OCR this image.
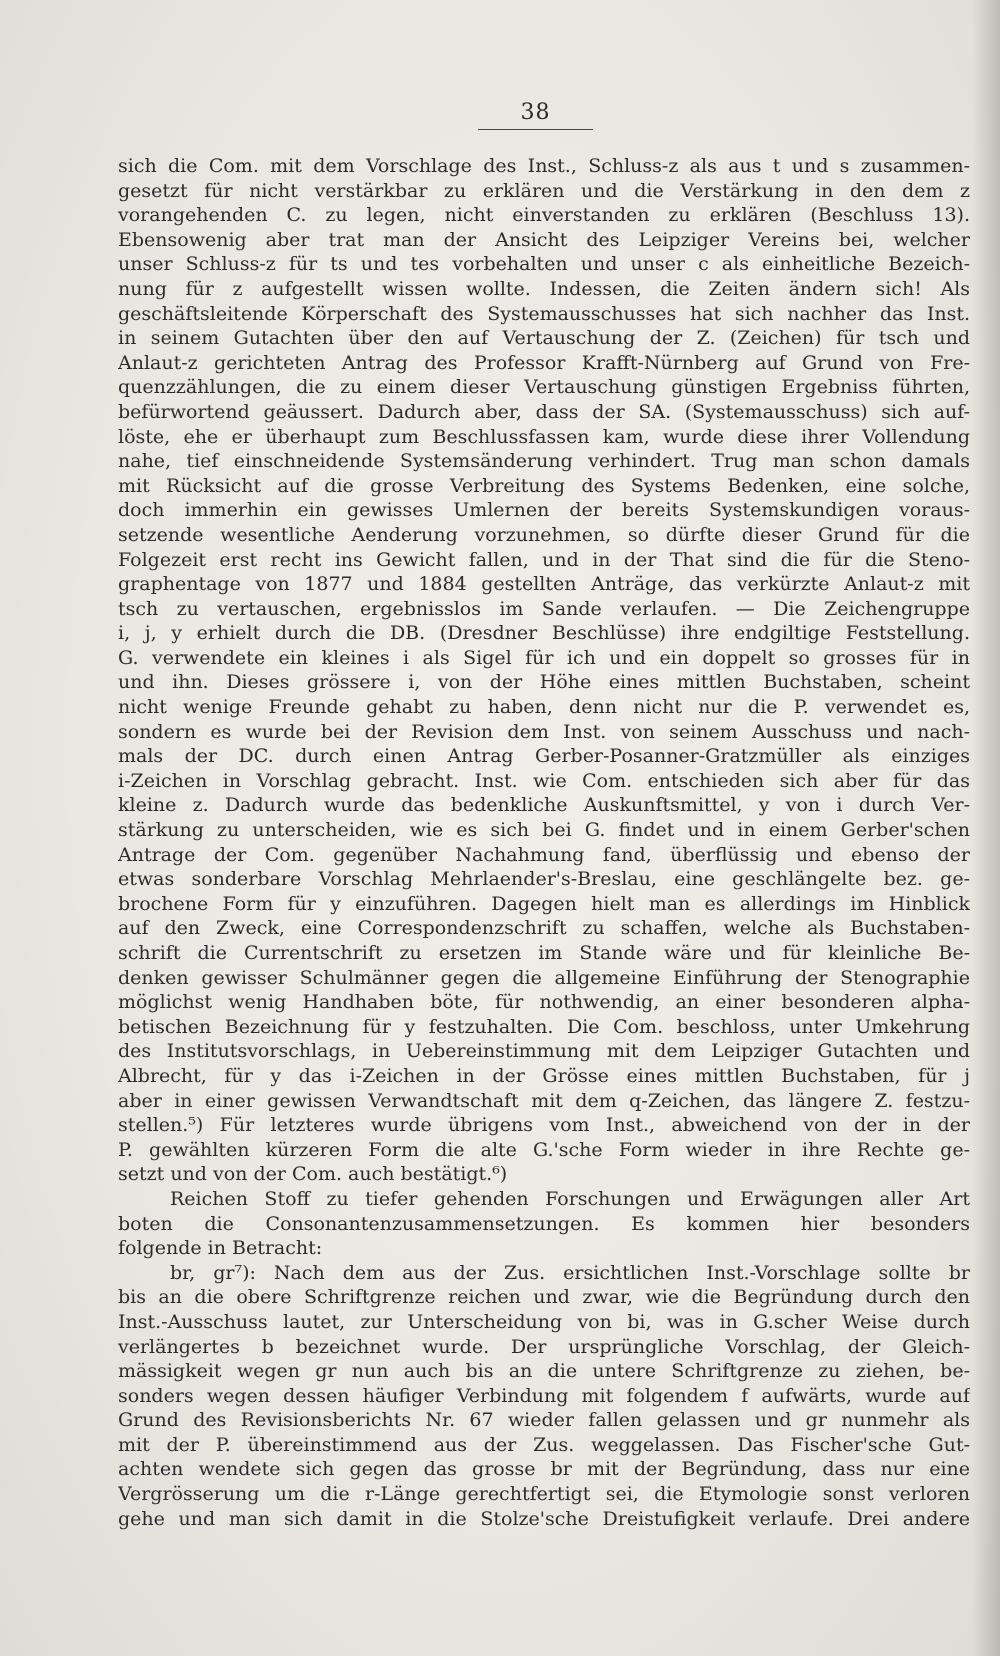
38
sich die Com. mit dem Vorschlage des Inst., Schluss-z als aus t und s zusammen-
gesetzt für nicht verstärkbar zu erklären und die Verstärkung in den dem z
vorangehenden C. zu legen, nicht einverstanden zu erklären (Beschluss 13).
Ebensowenig aber trat man der Ansicht des Leipziger Vereins bei, welcher
unser Schluss-z für ts und tes vorbehalten und unser c als einheitliche Bezeich-
nung für z aufgestellt wissen wollte. Indessen, die Zeiten ändern sich! Als
geschäftsleitende Körperschaft des Systemausschusses hat sich nachher das Inst.
in seinem Gutachten über den auf Vertauschung der Z. (Zeichen) für tsch und
Anlaut-z gerichteten Antrag des Professor Krafft-Nürnberg auf Grund von Fre-
quenzzählungen, die zu einem dieser Vertauschung günstigen Ergebniss führten,
befürwortend geäussert. Dadurch aber, dass der SA. (Systemausschuss) sich auf-
löste, ehe er überhaupt zum Beschlussfassen kam, wurde diese ihrer Vollendung
nahe, tief einschneidende Systemsänderung verhindert. Trug man schon damals
mit Rücksicht auf die grosse Verbreitung des Systems Bedenken, eine solche,
doch immerhin ein gewisses Umlernen der bereits Systemskundigen voraus-
setzende wesentliche Aenderung vorzunehmen, so dürfte dieser Grund für die
Folgezeit erst recht ins Gewicht fallen, und in der That sind die für die Steno-
graphentage von 1877 und 1884 gestellten Anträge, das verkürzte Anlaut-z mit
tsch zu vertauschen, ergebnisslos im Sande verlaufen. — Die Zeichengruppe
i, j, y erhielt durch die DB. (Dresdner Beschlüsse) ihre endgiltige Feststellung.
G. verwendete ein kleines i als Sigel für ich und ein doppelt so grosses für in
und ihn. Dieses grössere i, von der Höhe eines mittlen Buchstaben, scheint
nicht wenige Freunde gehabt zu haben, denn nicht nur die P. verwendet es,
sondern es wurde bei der Revision dem Inst. von seinem Ausschuss und nach-
mals der DC. durch einen Antrag Gerber-Posanner-Gratzmüller als einziges
i-Zeichen in Vorschlag gebracht. Inst. wie Com. entschieden sich aber für das
kleine z. Dadurch wurde das bedenkliche Auskunftsmittel, y von i durch Ver-
stärkung zu unterscheiden, wie es sich bei G. findet und in einem Gerber'schen
Antrage der Com. gegenüber Nachahmung fand, überflüssig und ebenso der
etwas sonderbare Vorschlag Mehrlaender's-Breslau, eine geschlängelte bez. ge-
brochene Form für y einzuführen. Dagegen hielt man es allerdings im Hinblick
auf den Zweck, eine Correspondenzschrift zu schaffen, welche als Buchstaben-
schrift die Currentschrift zu ersetzen im Stande wäre und für kleinliche Be-
denken gewisser Schulmänner gegen die allgemeine Einführung der Stenographie
möglichst wenig Handhaben böte, für nothwendig, an einer besonderen alpha-
betischen Bezeichnung für y festzuhalten. Die Com. beschloss, unter Umkehrung
des Institutsvorschlags, in Uebereinstimmung mit dem Leipziger Gutachten und
Albrecht, für y das i-Zeichen in der Grösse eines mittlen Buchstaben, für j
aber in einer gewissen Verwandtschaft mit dem q-Zeichen, das längere Z. festzu-
stellen.⁵) Für letzteres wurde übrigens vom Inst., abweichend von der in der
P. gewählten kürzeren Form die alte G.'sche Form wieder in ihre Rechte ge-
setzt und von der Com. auch bestätigt.⁶)
Reichen Stoff zu tiefer gehenden Forschungen und Erwägungen aller Art
boten die Consonantenzusammensetzungen. Es kommen hier besonders
folgende in Betracht:
br, gr⁷): Nach dem aus der Zus. ersichtlichen Inst.-Vorschlage sollte br
bis an die obere Schriftgrenze reichen und zwar, wie die Begründung durch den
Inst.-Ausschuss lautet, zur Unterscheidung von bi, was in G.scher Weise durch
verlängertes b bezeichnet wurde. Der ursprüngliche Vorschlag, der Gleich-
mässigkeit wegen gr nun auch bis an die untere Schriftgrenze zu ziehen, be-
sonders wegen dessen häufiger Verbindung mit folgendem f aufwärts, wurde auf
Grund des Revisionsberichts Nr. 67 wieder fallen gelassen und gr nunmehr als
mit der P. übereinstimmend aus der Zus. weggelassen. Das Fischer'sche Gut-
achten wendete sich gegen das grosse br mit der Begründung, dass nur eine
Vergrösserung um die r-Länge gerechtfertigt sei, die Etymologie sonst verloren
gehe und man sich damit in die Stolze'sche Dreistufigkeit verlaufe. Drei andere
